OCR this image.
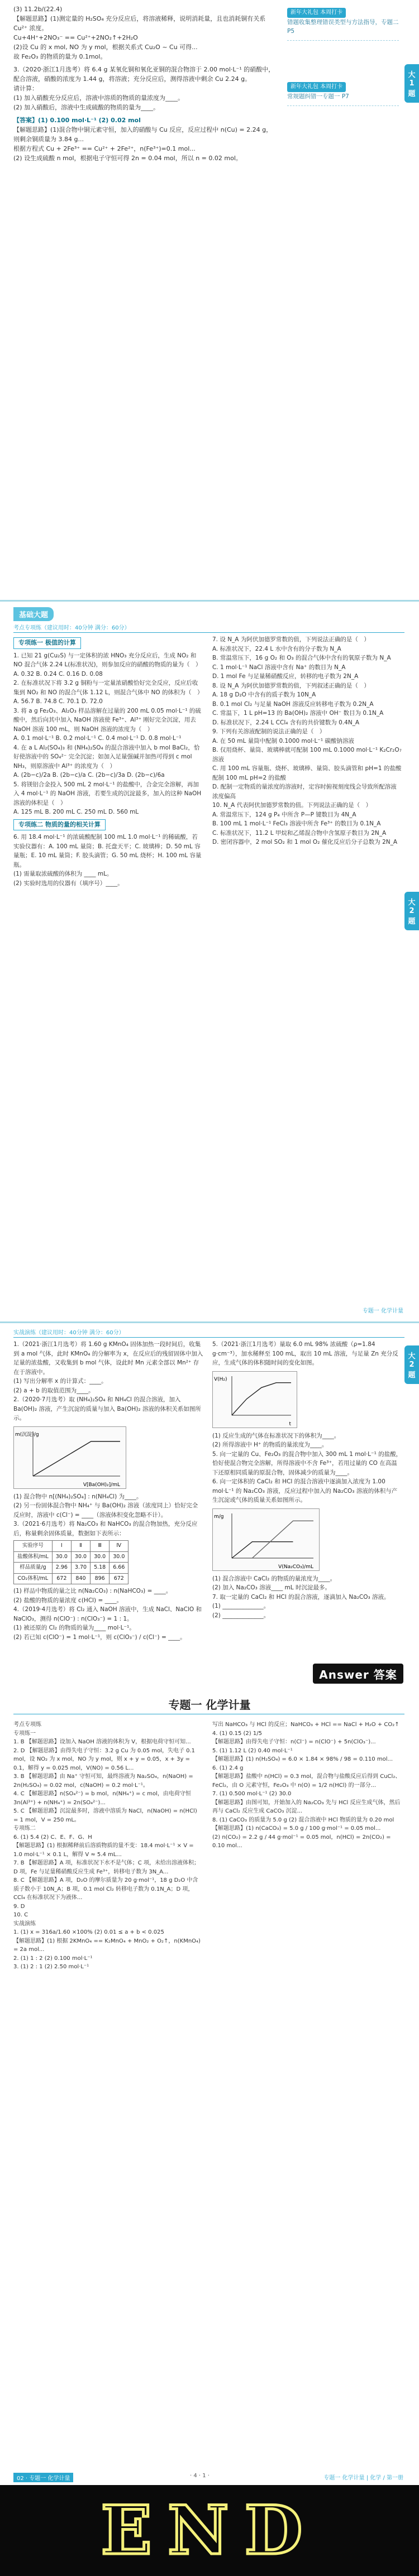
(3) 11.2b/(22.4)

【解题思路】(1)测定量的 H₂SO₄ 充分反应后，将溶液稀释，说明消耗量，且也消耗铜有关系 Cu²⁺ 浓度。

Cu+4H⁺+2NO₃⁻ == Cu²⁺+2NO₂↑+2H₂O

(2)设 Cu 的 x mol, NO 为 y mol，根据关系式 Cu₂O ~ Cu 可得...

故 Fe₂O₃ 的物质的量为 0.1mol。

3.（2020·浙江1月选考）将 6.4 g 某氧化铜和氧化亚铜的混合物溶于 2.00 mol·L⁻¹ 的硝酸中，

配合溶液，硝酸的浓度为 1.44 g，将溶液；充分反应后，测得溶液中剩余 Cu 2.24 g。

请计算：

(1) 加入硝酸充分反应后，溶液中溶质的物质的量浓度为____。

(2) 加入硝酸后，溶液中生成硫酸的物质的量为____。

【答案】(1) 0.100 mol·L⁻¹ (2) 0.02 mol

【解题思路】(1)混合物中铜元素守恒，加入的硝酸与 Cu 反应，反应过程中 n(Cu) = 2.24 g，则剩余铜质量为 3.84 g...

根据方程式 Cu + 2Fe³⁺ == Cu²⁺ + 2Fe²⁺，n(Fe³⁺)=0.1 mol...

(2) 设生成硫酸 n mol，根据电子守恒可得 2n = 0.04 mol，所以 n = 0.02 mol。

新年大礼包 本周打卡
错题收集整理错误类型与方法指导，专题二 P5
新年大礼包 本周打卡
常规题纠错一专题一 P7
大 1 题
基础大题
考点专项练（建议用时：40分钟 满分：60分）
专项练一 极值的计算

1. 已知 21 g(Cu₂S) 与一定体积的浓 HNO₃ 充分反应后，生成 NO₂ 和 NO 混合气体 2.24 L(标准状况)，则参加反应的硝酸的物质的量为（　）

A. 0.32 B. 0.24 C. 0.16 D. 0.08

2. 在标准状况下将 3.2 g 铜粉与一定量浓硝酸恰好完全反应，反应后收集到 NO₂ 和 NO 的混合气体 1.12 L，则混合气体中 NO 的体积为（　）

A. 56.7 B. 74.8 C. 70.1 D. 72.0

3. 将 a g Fe₂O₃、Al₂O₃ 样品溶解在过量的 200 mL 0.05 mol·L⁻¹ 的硫酸中，然后向其中加入 NaOH 溶液使 Fe³⁺、Al³⁺ 刚好完全沉淀，用去 NaOH 溶液 100 mL，则 NaOH 溶液的浓度为（　）

A. 0.1 mol·L⁻¹ B. 0.2 mol·L⁻¹ C. 0.4 mol·L⁻¹ D. 0.8 mol·L⁻¹

4. 在 a L Al₂(SO₄)₃ 和 (NH₄)₂SO₄ 的混合溶液中加入 b mol BaCl₂，恰好使溶液中的 SO₄²⁻ 完全沉淀；如加入足量强碱并加热可得到 c mol NH₃，则原溶液中 Al³⁺ 的浓度为（　）

A. (2b−c)/2a B. (2b−c)/a C. (2b−c)/3a D. (2b−c)/6a

5. 将镁铝合金投入 500 mL 2 mol·L⁻¹ 的盐酸中，合金完全溶解，再加入 4 mol·L⁻¹ 的 NaOH 溶液，若要生成的沉淀最多，加入的这种 NaOH 溶液的体积是（　）

A. 125 mL B. 200 mL C. 250 mL D. 560 mL

专项练二 物质的量的相关计算

6. 用 18.4 mol·L⁻¹ 的浓硫酸配制 100 mL 1.0 mol·L⁻¹ 的稀硫酸，若实验仪器有：A. 100 mL 量筒；B. 托盘天平；C. 玻璃棒；D. 50 mL 容量瓶；E. 10 mL 量筒；F. 胶头滴管；G. 50 mL 烧杯；H. 100 mL 容量瓶。

(1) 需量取浓硫酸的体积为 ____ mL。

(2) 实验时选用的仪器有（填序号）____。

7. 设 N_A 为阿伏加德罗常数的值，下列说法正确的是（　）

A. 标准状况下，22.4 L 水中含有的分子数为 N_A

B. 常温常压下，16 g O₂ 和 O₃ 的混合气体中含有的氧原子数为 N_A

C. 1 mol·L⁻¹ NaCl 溶液中含有 Na⁺ 的数目为 N_A

D. 1 mol Fe 与足量稀硝酸反应，转移的电子数为 2N_A

8. 设 N_A 为阿伏加德罗常数的值，下列叙述正确的是（　）

A. 18 g D₂O 中含有的质子数为 10N_A

B. 0.1 mol Cl₂ 与足量 NaOH 溶液反应转移电子数为 0.2N_A

C. 常温下，1 L pH=13 的 Ba(OH)₂ 溶液中 OH⁻ 数目为 0.1N_A

D. 标准状况下，2.24 L CCl₄ 含有的共价键数为 0.4N_A

9. 下列有关溶液配制的说法正确的是（　）

A. 在 50 mL 量筒中配制 0.1000 mol·L⁻¹ 碳酸钠溶液

B. 仅用烧杯、量筒、玻璃棒就可配制 100 mL 0.1000 mol·L⁻¹ K₂Cr₂O₇ 溶液

C. 用 100 mL 容量瓶、烧杯、玻璃棒、量筒、胶头滴管和 pH=1 的盐酸配制 100 mL pH=2 的盐酸

D. 配制一定物质的量浓度的溶液时，定容时俯视刻度线会导致所配溶液浓度偏高

10. N_A 代表阿伏加德罗常数的值。下列说法正确的是（　）

A. 常温常压下，124 g P₄ 中所含 P—P 键数目为 4N_A

B. 100 mL 1 mol·L⁻¹ FeCl₃ 溶液中所含 Fe³⁺ 的数目为 0.1N_A

C. 标准状况下，11.2 L 甲烷和乙烯混合物中含氢原子数目为 2N_A

D. 密闭容器中，2 mol SO₂ 和 1 mol O₂ 催化反应后分子总数为 2N_A

专题一 化学计量
大 2 题
实战演练（建议用时：40分钟 满分：60分）

1.（2021·浙江1月选考）将 1.60 g KMnO₄ 固体加热一段时间后，收集到 a mol 气体，此时 KMnO₄ 的分解率为 x，在反应后的残留固体中加入足量的浓盐酸，又收集到 b mol 气体，设此时 Mn 元素全部以 Mn²⁺ 存在于溶液中。

(1) 写出分解率 x 的计算式：____。

(2) a + b 的取值范围为____。

2.（2020·7月选考）取 (NH₄)₂SO₄ 和 NH₄Cl 的混合溶液，加入 Ba(OH)₂ 溶液，产生沉淀的质量与加入 Ba(OH)₂ 溶液的体积关系如图所示。

V[Ba(OH)₂]/mL
m(沉淀)/g

(1) 混合物中 n[(NH₄)₂SO₄] : n(NH₄Cl) 为____。

(2) 另一份固体混合物中 NH₄⁺ 与 Ba(OH)₂ 溶液（浓度同上）恰好完全反应时，溶液中 c(Cl⁻) = ____（溶液体积变化忽略不计）。

3.（2021·6月选考）将 Na₂CO₃ 和 NaHCO₃ 的混合物加热，充分反应后，称量剩余固体质量，数据如下表所示：

实验序号	Ⅰ	Ⅱ	Ⅲ	Ⅳ
盐酸体积/mL	30.0	30.0	30.0	30.0
样品质量/g	2.96	3.70	5.18	6.66
CO₂体积/mL	672	840	896	672

(1) 样品中物质的量之比 n(Na₂CO₃) : n(NaHCO₃) = ____。

(2) 盐酸的物质的量浓度 c(HCl) = ____。

4.（2019·4月选考）将 Cl₂ 通入 NaOH 溶液中，生成 NaCl、NaClO 和 NaClO₃，测得 n(ClO⁻) : n(ClO₃⁻) = 1 : 1。

(1) 被还原的 Cl₂ 的物质的量为____ mol·L⁻¹。

(2) 若已知 c(ClO⁻) = 1 mol·L⁻¹，则 c(ClO₃⁻) / c(Cl⁻) = ____。

5.（2021·浙江1月选考）量取 6.0 mL 98% 浓硫酸（ρ=1.84 g·cm⁻³），加水稀释至 100 mL，取出 10 mL 溶液，与足量 Zn 充分反应，生成气体的体积随时间的变化如图。

t
V(H₂)

(1) 反应生成的气体在标准状况下的体积为____。

(2) 所得溶液中 H⁺ 的物质的量浓度为____。

5. 向一定量的 Cu、Fe₂O₃ 的混合物中加入 300 mL 1 mol·L⁻¹ 的盐酸，恰好使混合物完全溶解，所得溶液中不含 Fe³⁺，若用过量的 CO 在高温下还原相同质量的原混合物，固体减少的质量为____。

6. 向一定体积的 CaCl₂ 和 HCl 的混合溶液中逐滴加入浓度为 1.00 mol·L⁻¹ 的 Na₂CO₃ 溶液，反应过程中加入的 Na₂CO₃ 溶液的体积与产生沉淀或气体的质量关系如图所示。

V(Na₂CO₃)/mL
m/g

(1) 混合溶液中 CaCl₂ 的物质的量浓度为____。

(2) 加入 Na₂CO₃ 溶液____ mL 时沉淀最多。

7. 取一定量的 CaCl₂ 和 HCl 的混合溶液，逐滴加入 Na₂CO₃ 溶液。

(1) ______________。

(2) ______________。

Answer 答案
专题一 化学计量

考点专项练

专项练一

1. B 【解题思路】设加入 NaOH 溶液的体积为 V，根据电荷守恒可知...

2. D 【解题思路】由得失电子守恒：3.2 g Cu 为 0.05 mol，失电子 0.1 mol，设 NO₂ 为 x mol，NO 为 y mol，则 x + y = 0.05，x + 3y = 0.1，解得 y = 0.025 mol，V(NO) = 0.56 L...

3. B 【解题思路】由 Na⁺ 守恒可知，最终溶液为 Na₂SO₄，n(NaOH) = 2n(H₂SO₄) = 0.02 mol，c(NaOH) = 0.2 mol·L⁻¹。

4. C 【解题思路】n(SO₄²⁻) = b mol，n(NH₄⁺) = c mol，由电荷守恒 3n(Al³⁺) + n(NH₄⁺) = 2n(SO₄²⁻)...

5. C 【解题思路】沉淀最多时，溶液中溶质为 NaCl，n(NaOH) = n(HCl) = 1 mol，V = 250 mL。

专项练二

6. (1) 5.4 (2) C、E、F、G、H

【解题思路】(1) 根据稀释前后溶质物质的量不变：18.4 mol·L⁻¹ × V = 1.0 mol·L⁻¹ × 0.1 L，解得 V ≈ 5.4 mL...

7. B 【解题思路】A 项，标准状况下水不是气体；C 项，未给出溶液体积；D 项，Fe 与足量稀硝酸反应生成 Fe³⁺，转移电子数为 3N_A...

8. C 【解题思路】A 项，D₂O 的摩尔质量为 20 g·mol⁻¹，18 g D₂O 中含质子数小于 10N_A；B 项，0.1 mol Cl₂ 转移电子数为 0.1N_A；D 项，CCl₄ 在标准状况下为液体...

9. D

10. C

实战演练

1. (1) x = 316a/1.60 ×100% (2) 0.01 ≤ a + b < 0.025

【解题思路】(1) 根据 2KMnO₄ == K₂MnO₄ + MnO₂ + O₂↑，n(KMnO₄) = 2a mol...

2. (1) 1 : 2 (2) 0.100 mol·L⁻¹

3. (1) 2 : 1 (2) 2.50 mol·L⁻¹

写出 NaHCO₃ 与 HCl 的反应；NaHCO₃ + HCl == NaCl + H₂O + CO₂↑

4. (1) 0.15 (2) 1/5

【解题思路】由得失电子守恒：n(Cl⁻) = n(ClO⁻) + 5n(ClO₃⁻)...

5. (1) 1.12 L (2) 0.40 mol·L⁻¹

【解题思路】(1) n(H₂SO₄) = 6.0 × 1.84 × 98% / 98 = 0.110 mol...

6. (1) 2.4 g

【解题思路】盐酸中 n(HCl) = 0.3 mol，混合物与盐酸反应后得到 CuCl₂、FeCl₂，由 O 元素守恒，Fe₂O₃ 中 n(O) = 1/2 n(HCl) 的一部分...

7. (1) 0.500 mol·L⁻¹ (2) 30.0

【解题思路】由图可知，开始加入的 Na₂CO₃ 先与 HCl 反应生成气体，然后再与 CaCl₂ 反应生成 CaCO₃ 沉淀...

8. (1) CaCO₃ 的质量为 5.0 g (2) 混合溶液中 HCl 物质的量为 0.20 mol

【解题思路】(1) n(CaCO₃) = 5.0 g / 100 g·mol⁻¹ = 0.05 mol...

(2) n(CO₂) = 2.2 g / 44 g·mol⁻¹ = 0.05 mol，n(HCl) = 2n(CO₂) = 0.10 mol...

02 · 专题一 化学计量	· 4 · 1 ·	专题一 化学计量 | 化学 / 第一册
大 2 题
END
